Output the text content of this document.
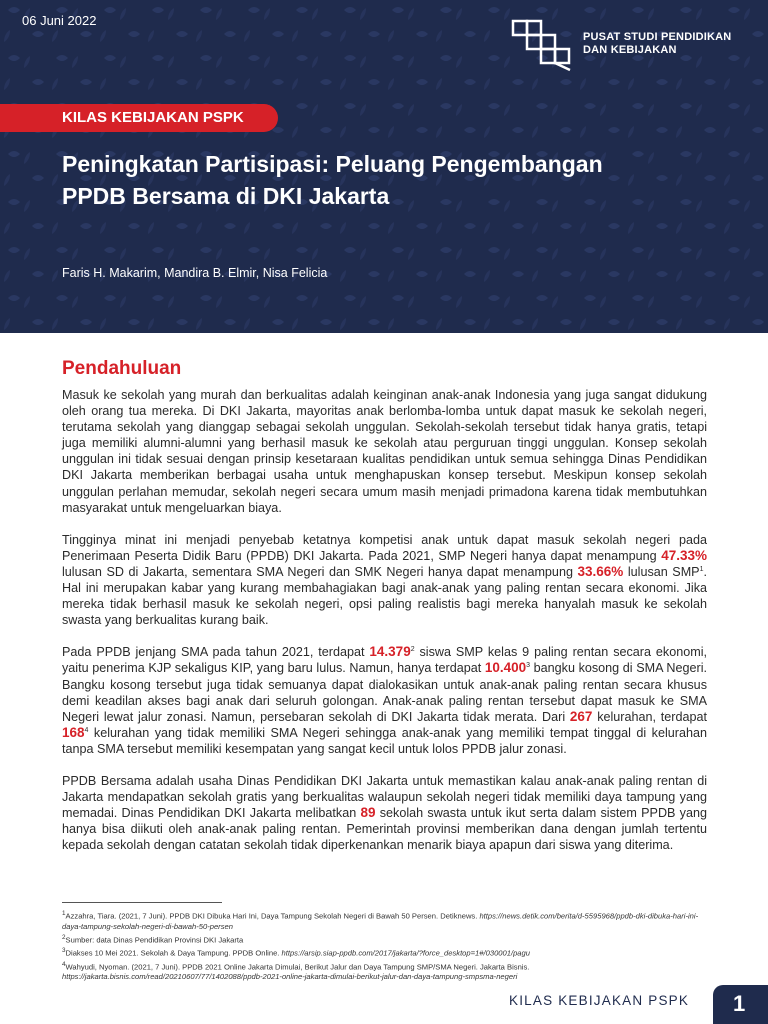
06 Juni 2022
PUSAT STUDI PENDIDIKAN
DAN KEBIJAKAN
KILAS KEBIJAKAN PSPK
Peningkatan Partisipasi: Peluang Pengembangan
PPDB Bersama di DKI Jakarta
Faris H. Makarim, Mandira B. Elmir, Nisa Felicia
Pendahuluan

Masuk ke sekolah yang murah dan berkualitas adalah keinginan anak-anak Indonesia yang juga sangat didukung oleh orang tua mereka. Di DKI Jakarta, mayoritas anak berlomba-lomba untuk dapat masuk ke sekolah negeri, terutama sekolah yang dianggap sebagai sekolah unggulan. Sekolah-sekolah tersebut tidak hanya gratis, tetapi juga memiliki alumni-alumni yang berhasil masuk ke sekolah atau perguruan tinggi unggulan. Konsep sekolah unggulan ini tidak sesuai dengan prinsip kesetaraan kualitas pendidikan untuk semua sehingga Dinas Pendidikan DKI Jakarta memberikan berbagai usaha untuk menghapuskan konsep tersebut. Meskipun konsep sekolah unggulan perlahan memudar, sekolah negeri secara umum masih menjadi primadona karena tidak membutuhkan masyarakat untuk mengeluarkan biaya.

Tingginya minat ini menjadi penyebab ketatnya kompetisi anak untuk dapat masuk sekolah negeri pada Penerimaan Peserta Didik Baru (PPDB) DKI Jakarta. Pada 2021, SMP Negeri hanya dapat menampung 47.33% lulusan SD di Jakarta, sementara SMA Negeri dan SMK Negeri hanya dapat menampung 33.66% lulusan SMP$^1$. Hal ini merupakan kabar yang kurang membahagiakan bagi anak-anak yang paling rentan secara ekonomi. Jika mereka tidak berhasil masuk ke sekolah negeri, opsi paling realistis bagi mereka hanyalah masuk ke sekolah swasta yang berkualitas kurang baik.

Pada PPDB jenjang SMA pada tahun 2021, terdapat 14.379$^2$ siswa SMP kelas 9 paling rentan secara ekonomi, yaitu penerima KJP sekaligus KIP, yang baru lulus. Namun, hanya terdapat 10.400$^3$ bangku kosong di SMA Negeri. Bangku kosong tersebut juga tidak semuanya dapat dialokasikan untuk anak-anak paling rentan secara khusus demi keadilan akses bagi anak dari seluruh golongan. Anak-anak paling rentan tersebut dapat masuk ke SMA Negeri lewat jalur zonasi. Namun, persebaran sekolah di DKI Jakarta tidak merata. Dari 267 kelurahan, terdapat $168^4$ kelurahan yang tidak memiliki SMA Negeri sehingga anak-anak yang memiliki tempat tinggal di kelurahan tanpa SMA tersebut memiliki kesempatan yang sangat kecil untuk lolos PPDB jalur zonasi.

PPDB Bersama adalah usaha Dinas Pendidikan DKI Jakarta untuk memastikan kalau anak-anak paling rentan di Jakarta mendapatkan sekolah gratis yang berkualitas walaupun sekolah negeri tidak memiliki daya tampung yang memadai. Dinas Pendidikan DKI Jakarta melibatkan 89 sekolah swasta untuk ikut serta dalam sistem PPDB yang hanya bisa diikuti oleh anak-anak paling rentan. Pemerintah provinsi memberikan dana dengan jumlah tertentu kepada sekolah dengan catatan sekolah tidak diperkenankan menarik biaya apapun dari siswa yang diterima.

$^1$Azzahra, Tiara. (2021, 7 Juni). PPDB DKI Dibuka Hari Ini, Daya Tampung Sekolah Negeri di Bawah 50 Persen. Detiknews. https://news.detik.com/berita/d-5595968/ppdb-dki-dibuka-hari-ini-daya-tampung-sekolah-negeri-di-bawah-50-persen
$^2$Sumber: data Dinas Pendidikan Provinsi DKI Jakarta
$^3$Diakses 10 Mei 2021. Sekolah & Daya Tampung. PPDB Online. https://arsip.siap-ppdb.com/2017/jakarta/?force_desktop=1#/030001/pagu
$^4$Wahyudi, Nyoman. (2021, 7 Juni). PPDB 2021 Online Jakarta Dimulai, Berikut Jalur dan Daya Tampung SMP/SMA Negeri. Jakarta Bisnis. https://jakarta.bisnis.com/read/20210607/77/1402088/ppdb-2021-online-jakarta-dimulai-berikut-jalur-dan-daya-tampung-smpsma-negeri
KILAS KEBIJAKAN PSPK 1
